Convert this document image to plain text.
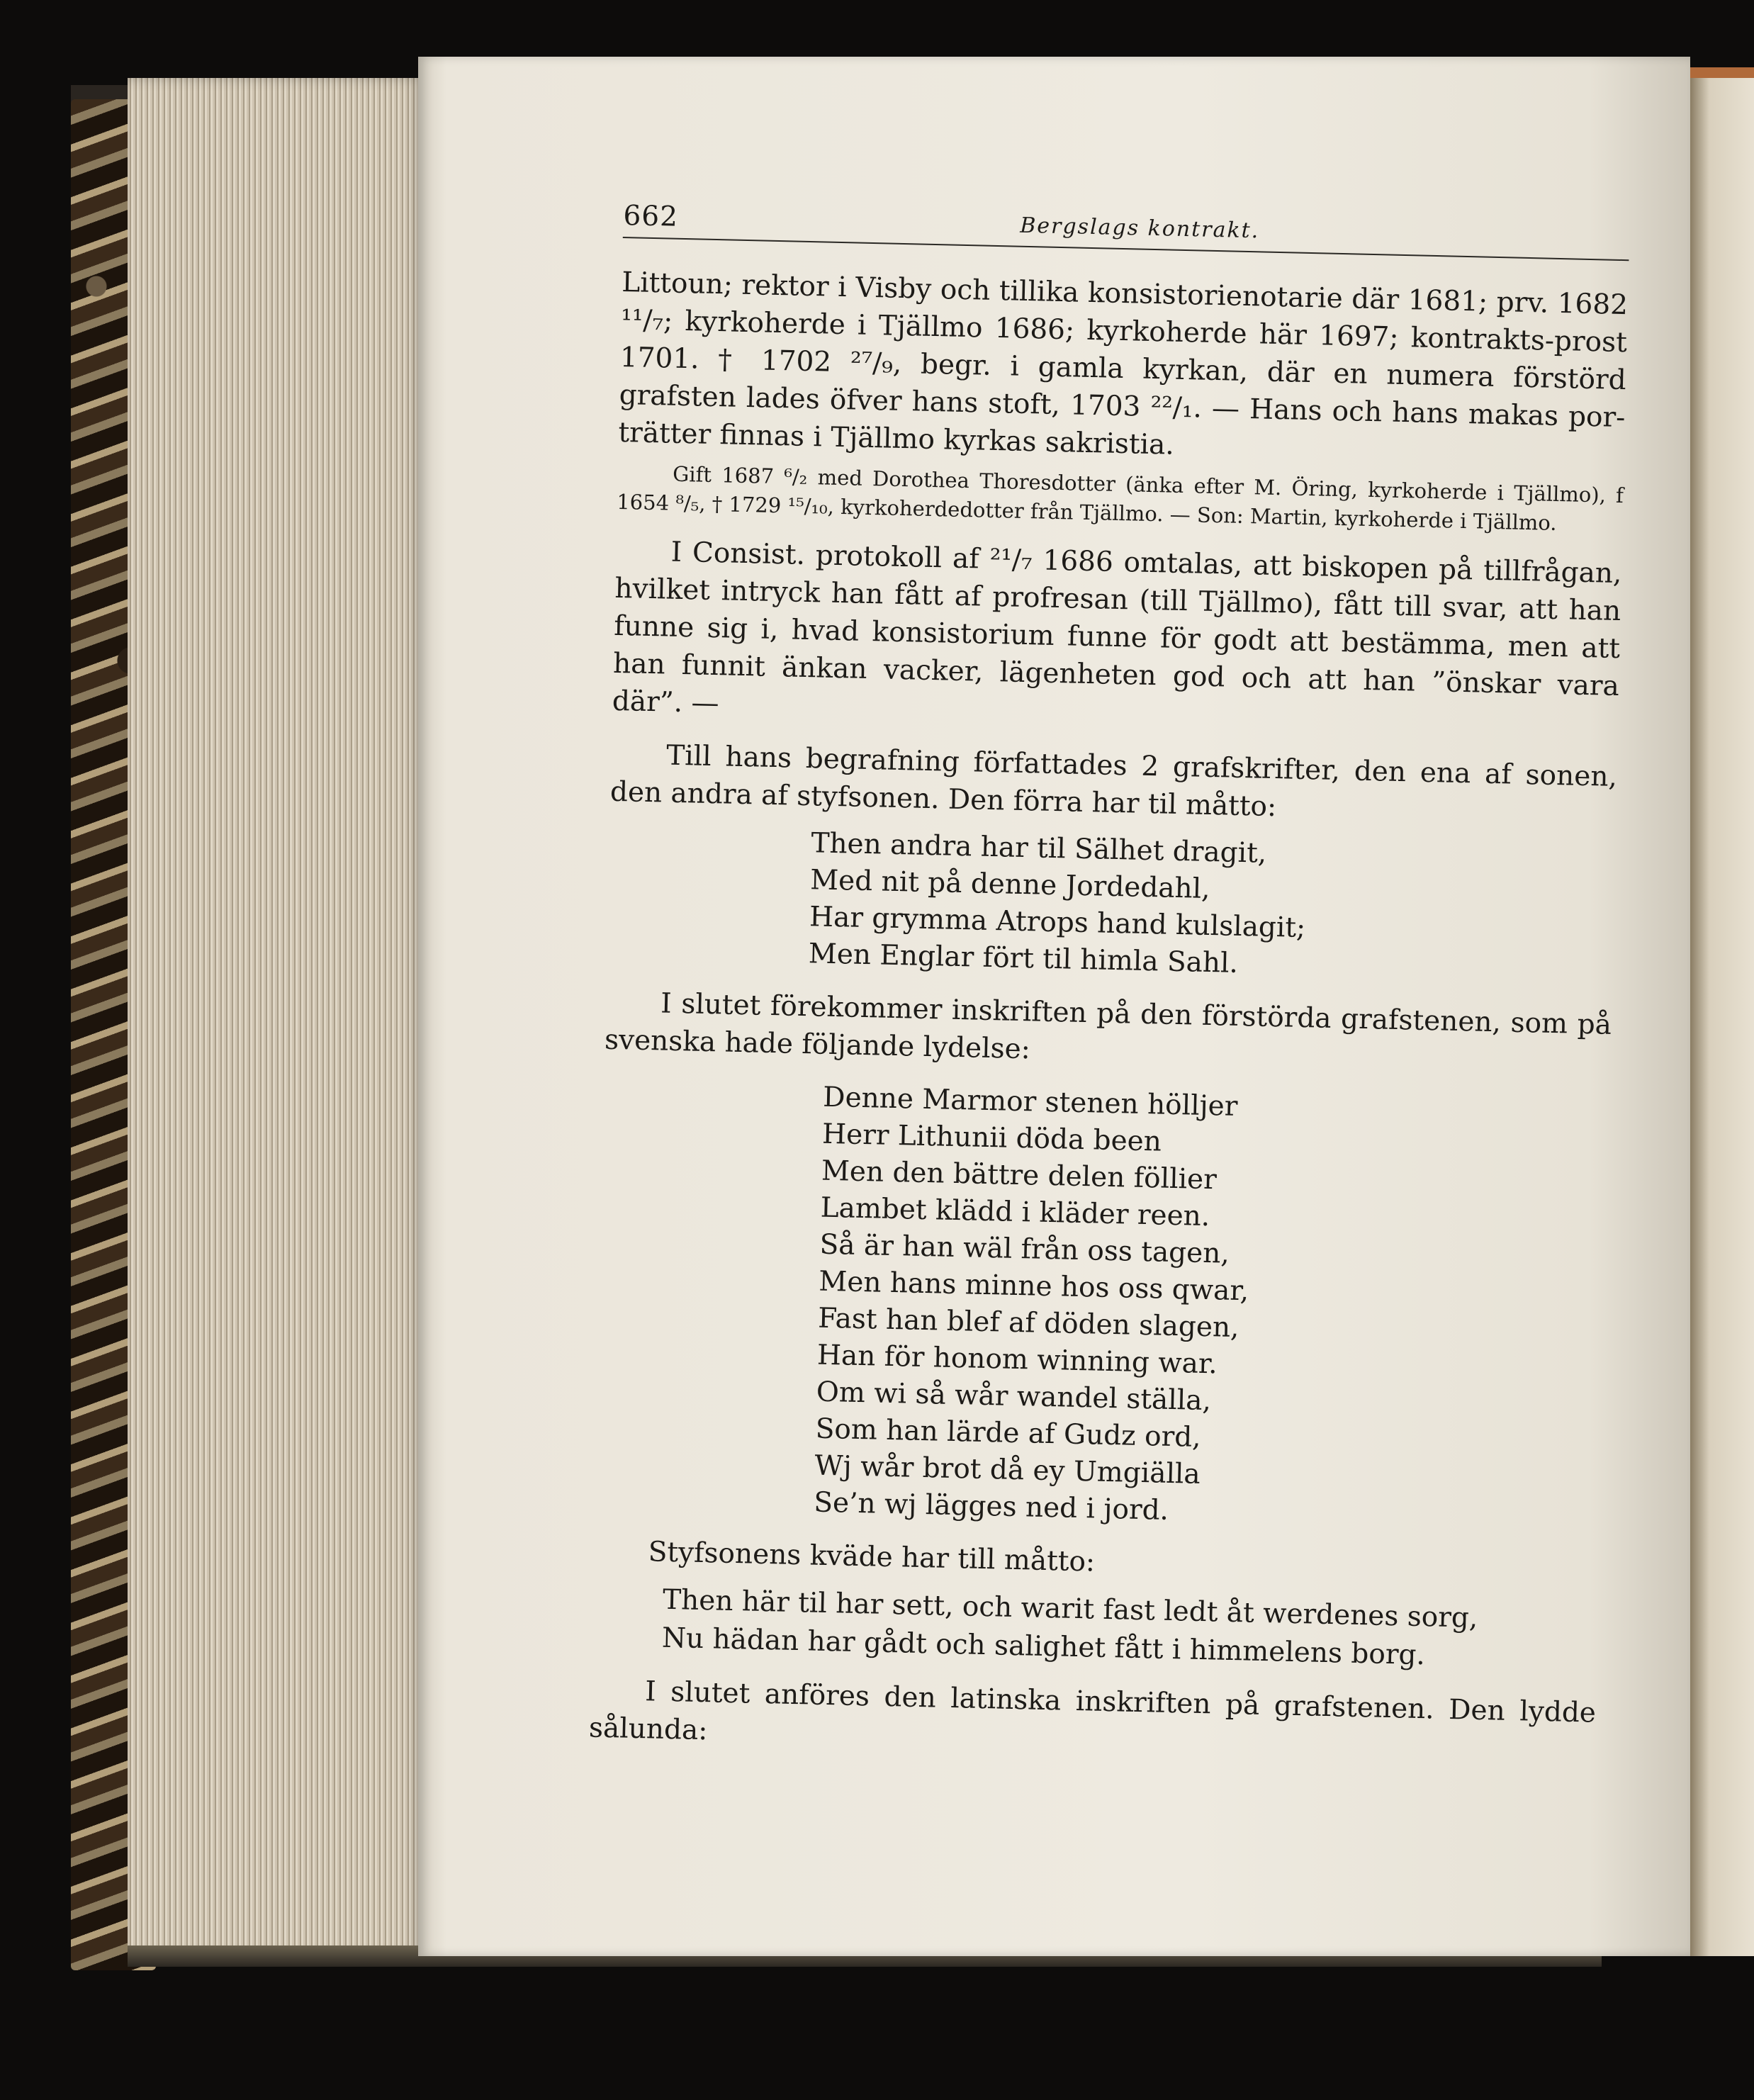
662	Bergslags kontrakt.

Littoun; rektor i Visby och tillika konsistorienotarie där 1681; prv. 1682 ¹¹/₇; kyrkoherde i Tjällmo 1686; kyrkoherde här 1697; kontrakts-prost 1701. † 1702 ²⁷/₉, begr. i gamla kyrkan, där en numera förstörd grafsten lades öfver hans stoft, 1703 ²²/₁. — Hans och hans makas por-trätter finnas i Tjällmo kyrkas sakristia.

Gift 1687 ⁶/₂ med Dorothea Thoresdotter (änka efter M. Öring, kyrkoherde i Tjällmo), f 1654 ⁸/₅, † 1729 ¹⁵/₁₀, kyrkoherdedotter från Tjällmo. — Son: Martin, kyrkoherde i Tjällmo.

I Consist. protokoll af ²¹/₇ 1686 omtalas, att biskopen på tillfrågan, hvilket intryck han fått af profresan (till Tjällmo), fått till svar, att han funne sig i, hvad konsistorium funne för godt att bestämma, men att han funnit änkan vacker, lägenheten god och att han ”önskar vara där”. —

Till hans begrafning författades 2 grafskrifter, den ena af sonen, den andra af styfsonen. Den förra har til måtto:

Then andra har til Sälhet dragit,
Med nit på denne Jordedahl,
Har grymma Atrops hand kulslagit;
Men Englar fört til himla Sahl.

I slutet förekommer inskriften på den förstörda grafstenen, som på svenska hade följande lydelse:

Denne Marmor stenen hölljer
Herr Lithunii döda been
Men den bättre delen föllier
Lambet klädd i kläder reen.
Så är han wäl från oss tagen,
Men hans minne hos oss qwar,
Fast han blef af döden slagen,
Han för honom winning war.
Om wi så wår wandel ställa,
Som han lärde af Gudz ord,
Wj wår brot då ey Umgiälla
Se’n wj lägges ned i jord.

Styfsonens kväde har till måtto:

Then här til har sett, och warit fast ledt åt werdenes sorg,
Nu hädan har gådt och salighet fått i himmelens borg.

I slutet anföres den latinska inskriften på grafstenen. Den lydde sålunda:
